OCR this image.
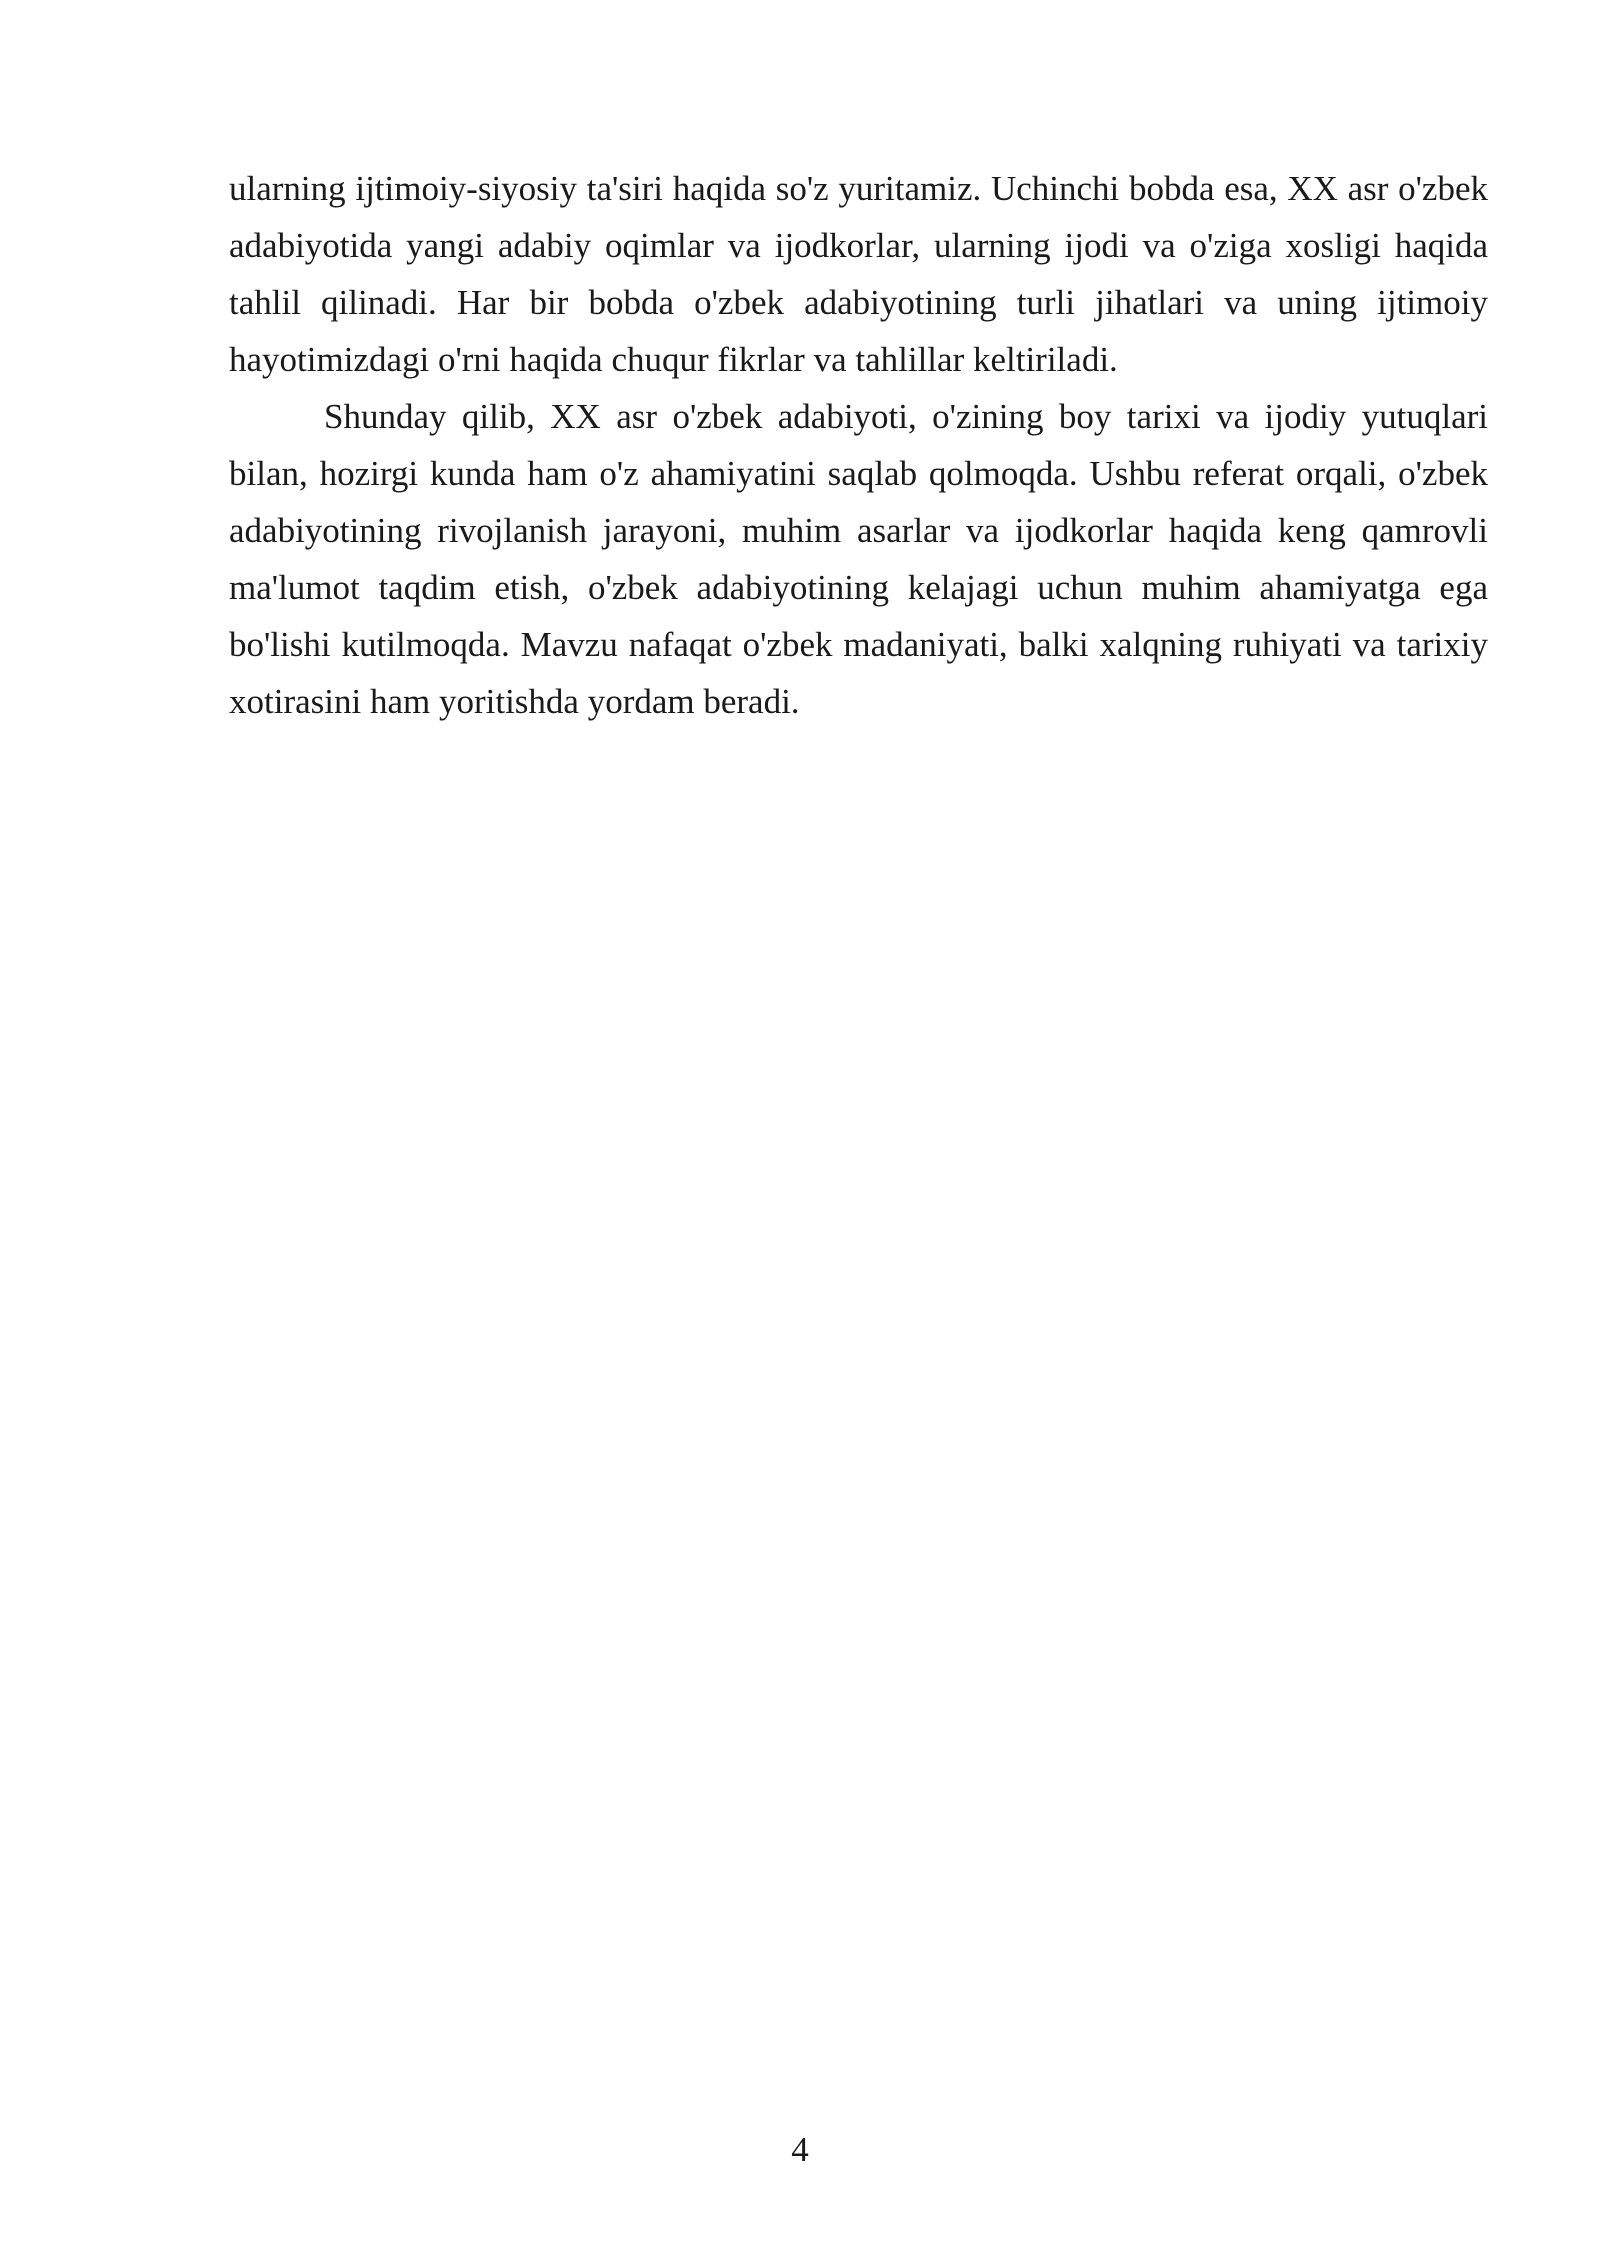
ularning ijtimoiy-siyosiy ta'siri haqida so'z yuritamiz. Uchinchi bobda esa, XX asr o'zbek adabiyotida yangi adabiy oqimlar va ijodkorlar, ularning ijodi va o'ziga xosligi haqida tahlil qilinadi. Har bir bobda o'zbek adabiyotining turli jihatlari va uning ijtimoiy hayotimizdagi o'rni haqida chuqur fikrlar va tahlillar keltiriladi.

Shunday qilib, XX asr o'zbek adabiyoti, o'zining boy tarixi va ijodiy yutuqlari bilan, hozirgi kunda ham o'z ahamiyatini saqlab qolmoqda. Ushbu referat orqali, o'zbek adabiyotining rivojlanish jarayoni, muhim asarlar va ijodkorlar haqida keng qamrovli ma'lumot taqdim etish, o'zbek adabiyotining kelajagi uchun muhim ahamiyatga ega bo'lishi kutilmoqda. Mavzu nafaqat o'zbek madaniyati, balki xalqning ruhiyati va tarixiy xotirasini ham yoritishda yordam beradi.

4
